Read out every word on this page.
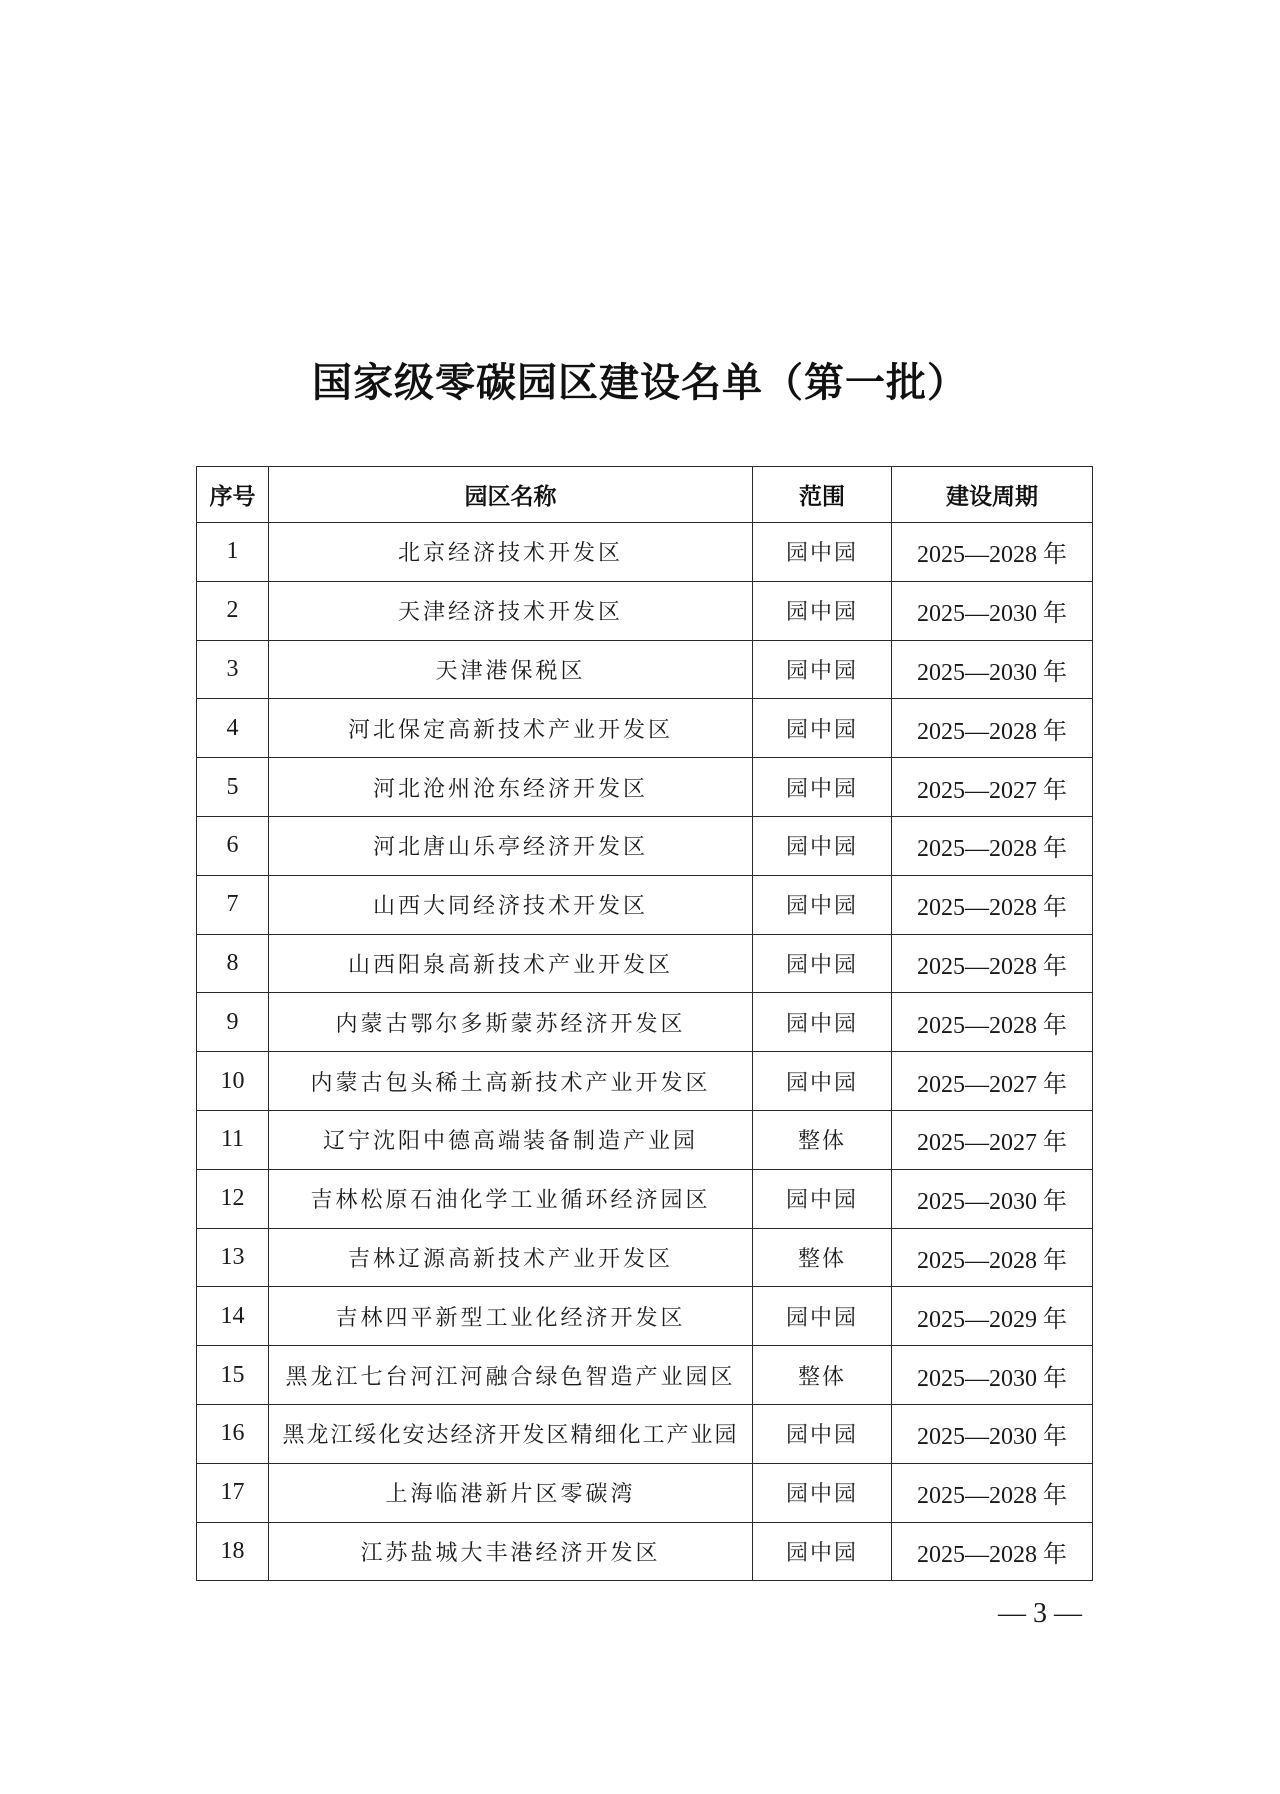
国家级零碳园区建设名单（第一批）
序号	园区名称	范围	建设周期
1	北京经济技术开发区	园中园	2025—2028 年
2	天津经济技术开发区	园中园	2025—2030 年
3	天津港保税区	园中园	2025—2030 年
4	河北保定高新技术产业开发区	园中园	2025—2028 年
5	河北沧州沧东经济开发区	园中园	2025—2027 年
6	河北唐山乐亭经济开发区	园中园	2025—2028 年
7	山西大同经济技术开发区	园中园	2025—2028 年
8	山西阳泉高新技术产业开发区	园中园	2025—2028 年
9	内蒙古鄂尔多斯蒙苏经济开发区	园中园	2025—2028 年
10	内蒙古包头稀土高新技术产业开发区	园中园	2025—2027 年
11	辽宁沈阳中德高端装备制造产业园	整体	2025—2027 年
12	吉林松原石油化学工业循环经济园区	园中园	2025—2030 年
13	吉林辽源高新技术产业开发区	整体	2025—2028 年
14	吉林四平新型工业化经济开发区	园中园	2025—2029 年
15	黑龙江七台河江河融合绿色智造产业园区	整体	2025—2030 年
16	黑龙江绥化安达经济开发区精细化工产业园	园中园	2025—2030 年
17	上海临港新片区零碳湾	园中园	2025—2028 年
18	江苏盐城大丰港经济开发区	园中园	2025—2028 年
— 3 —
